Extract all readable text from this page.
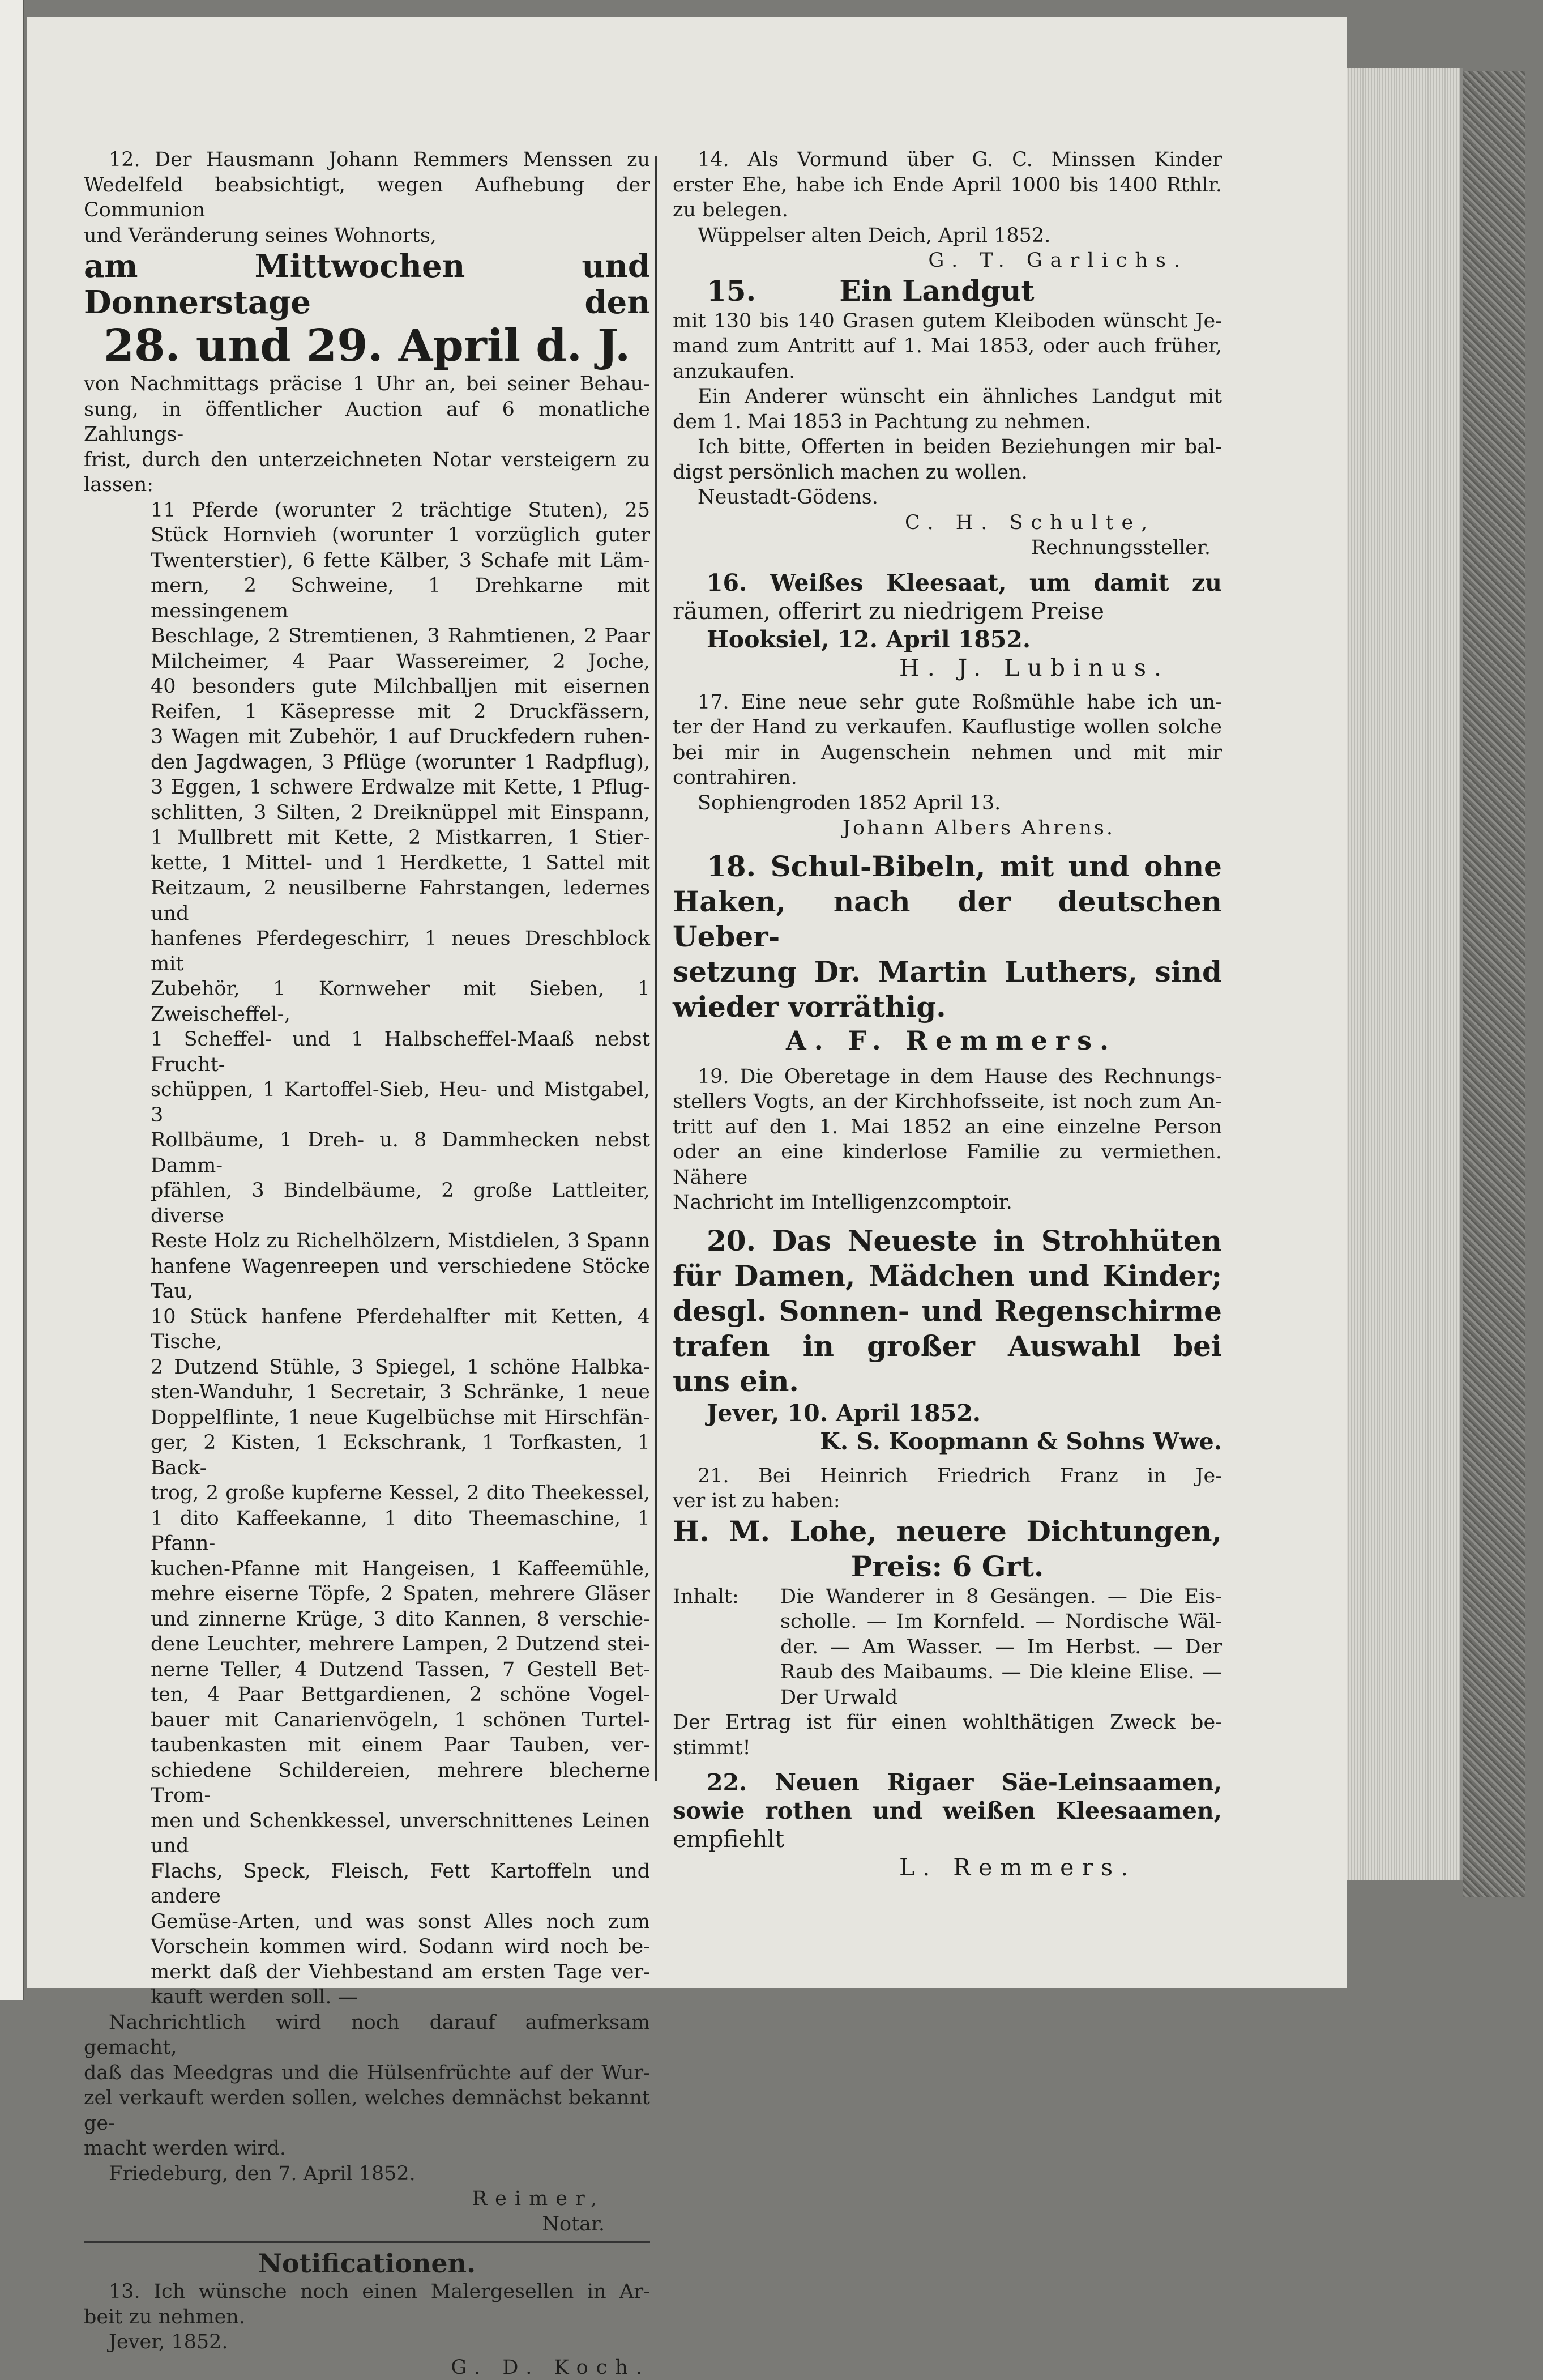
12. Der Hausmann Johann Remmers Menssen zu

Wedelfeld beabsichtigt, wegen Aufhebung der Communion

und Veränderung seines Wohnorts,

am Mittwochen und Donnerstage den

28. und 29. April d. J.

von Nachmittags präcise 1 Uhr an, bei seiner Behau-

sung, in öffentlicher Auction auf 6 monatliche Zahlungs-

frist, durch den unterzeichneten Notar versteigern zu

lassen:

11 Pferde (worunter 2 trächtige Stuten), 25

Stück Hornvieh (worunter 1 vorzüglich guter

Twenterstier), 6 fette Kälber, 3 Schafe mit Läm-

mern, 2 Schweine, 1 Drehkarne mit messingenem

Beschlage, 2 Stremtienen, 3 Rahmtienen, 2 Paar

Milcheimer, 4 Paar Wassereimer, 2 Joche,

40 besonders gute Milchballjen mit eisernen

Reifen, 1 Käsepresse mit 2 Druckfässern,

3 Wagen mit Zubehör, 1 auf Druckfedern ruhen-

den Jagdwagen, 3 Pflüge (worunter 1 Radpflug),

3 Eggen, 1 schwere Erdwalze mit Kette, 1 Pflug-

schlitten, 3 Silten, 2 Dreiknüppel mit Einspann,

1 Mullbrett mit Kette, 2 Mistkarren, 1 Stier-

kette, 1 Mittel- und 1 Herdkette, 1 Sattel mit

Reitzaum, 2 neusilberne Fahrstangen, ledernes und

hanfenes Pferdegeschirr, 1 neues Dreschblock mit

Zubehör, 1 Kornweher mit Sieben, 1 Zweischeffel-,

1 Scheffel- und 1 Halbscheffel-Maaß nebst Frucht-

schüppen, 1 Kartoffel-Sieb, Heu- und Mistgabel, 3

Rollbäume, 1 Dreh- u. 8 Dammhecken nebst Damm-

pfählen, 3 Bindelbäume, 2 große Lattleiter, diverse

Reste Holz zu Richelhölzern, Mistdielen, 3 Spann

hanfene Wagenreepen und verschiedene Stöcke Tau,

10 Stück hanfene Pferdehalfter mit Ketten, 4 Tische,

2 Dutzend Stühle, 3 Spiegel, 1 schöne Halbka-

sten-Wanduhr, 1 Secretair, 3 Schränke, 1 neue

Doppelflinte, 1 neue Kugelbüchse mit Hirschfän-

ger, 2 Kisten, 1 Eckschrank, 1 Torfkasten, 1 Back-

trog, 2 große kupferne Kessel, 2 dito Theekessel,

1 dito Kaffeekanne, 1 dito Theemaschine, 1 Pfann-

kuchen-Pfanne mit Hangeisen, 1 Kaffeemühle,

mehre eiserne Töpfe, 2 Spaten, mehrere Gläser

und zinnerne Krüge, 3 dito Kannen, 8 verschie-

dene Leuchter, mehrere Lampen, 2 Dutzend stei-

nerne Teller, 4 Dutzend Tassen, 7 Gestell Bet-

ten, 4 Paar Bettgardienen, 2 schöne Vogel-

bauer mit Canarienvögeln, 1 schönen Turtel-

taubenkasten mit einem Paar Tauben, ver-

schiedene Schildereien, mehrere blecherne Trom-

men und Schenkkessel, unverschnittenes Leinen und

Flachs, Speck, Fleisch, Fett Kartoffeln und andere

Gemüse-Arten, und was sonst Alles noch zum

Vorschein kommen wird. Sodann wird noch be-

merkt daß der Viehbestand am ersten Tage ver-

kauft werden soll. —

Nachrichtlich wird noch darauf aufmerksam gemacht,

daß das Meedgras und die Hülsenfrüchte auf der Wur-

zel verkauft werden sollen, welches demnächst bekannt ge-

macht werden wird.

Friedeburg, den 7. April 1852.

Reimer,

Notar.

Notificationen.

13. Ich wünsche noch einen Malergesellen in Ar-

beit zu nehmen.

Jever, 1852.

G. D. Koch.

14. Als Vormund über G. C. Minssen Kinder

erster Ehe, habe ich Ende April 1000 bis 1400 Rthlr.

zu belegen.

Wüppelser alten Deich, April 1852.

G. T. Garlichs.

15.	Ein Landgut

mit 130 bis 140 Grasen gutem Kleiboden wünscht Je-

mand zum Antritt auf 1. Mai 1853, oder auch früher,

anzukaufen.

Ein Anderer wünscht ein ähnliches Landgut mit

dem 1. Mai 1853 in Pachtung zu nehmen.

Ich bitte, Offerten in beiden Beziehungen mir bal-

digst persönlich machen zu wollen.

Neustadt-Gödens.

C. H. Schulte,

Rechnungssteller.

16. Weißes Kleesaat, um damit zu

räumen, offerirt zu niedrigem Preise

Hooksiel, 12. April 1852.

H. J. Lubinus.

17. Eine neue sehr gute Roßmühle habe ich un-

ter der Hand zu verkaufen. Kauflustige wollen solche

bei mir in Augenschein nehmen und mit mir contrahiren.

Sophiengroden 1852 April 13.

Johann Albers Ahrens.

18. Schul-Bibeln, mit und ohne

Haken, nach der deutschen Ueber-

setzung Dr. Martin Luthers, sind

wieder vorräthig.

A. F. Remmers.

19. Die Oberetage in dem Hause des Rechnungs-

stellers Vogts, an der Kirchhofsseite, ist noch zum An-

tritt auf den 1. Mai 1852 an eine einzelne Person

oder an eine kinderlose Familie zu vermiethen. Nähere

Nachricht im Intelligenzcomptoir.

20. Das Neueste in Strohhüten

für Damen, Mädchen und Kinder;

desgl. Sonnen- und Regenschirme

trafen in großer Auswahl bei

uns ein.

Jever, 10. April 1852.

K. S. Koopmann & Sohns Wwe.

21. Bei Heinrich Friedrich Franz in Je-

ver ist zu haben:

H. M. Lohe, neuere Dichtungen,

Preis: 6 Grt.

Inhalt:	Die Wanderer in 8 Gesängen. — Die Eis-scholle. — Im Kornfeld. — Nordische Wäl-der. — Am Wasser. — Im Herbst. — Der Raub des Maibaums. — Die kleine Elise. — Der Urwald

Der Ertrag ist für einen wohlthätigen Zweck be-

stimmt!

22. Neuen Rigaer Säe-Leinsaamen,

sowie rothen und weißen Kleesaamen,

empfiehlt

L. Remmers.
